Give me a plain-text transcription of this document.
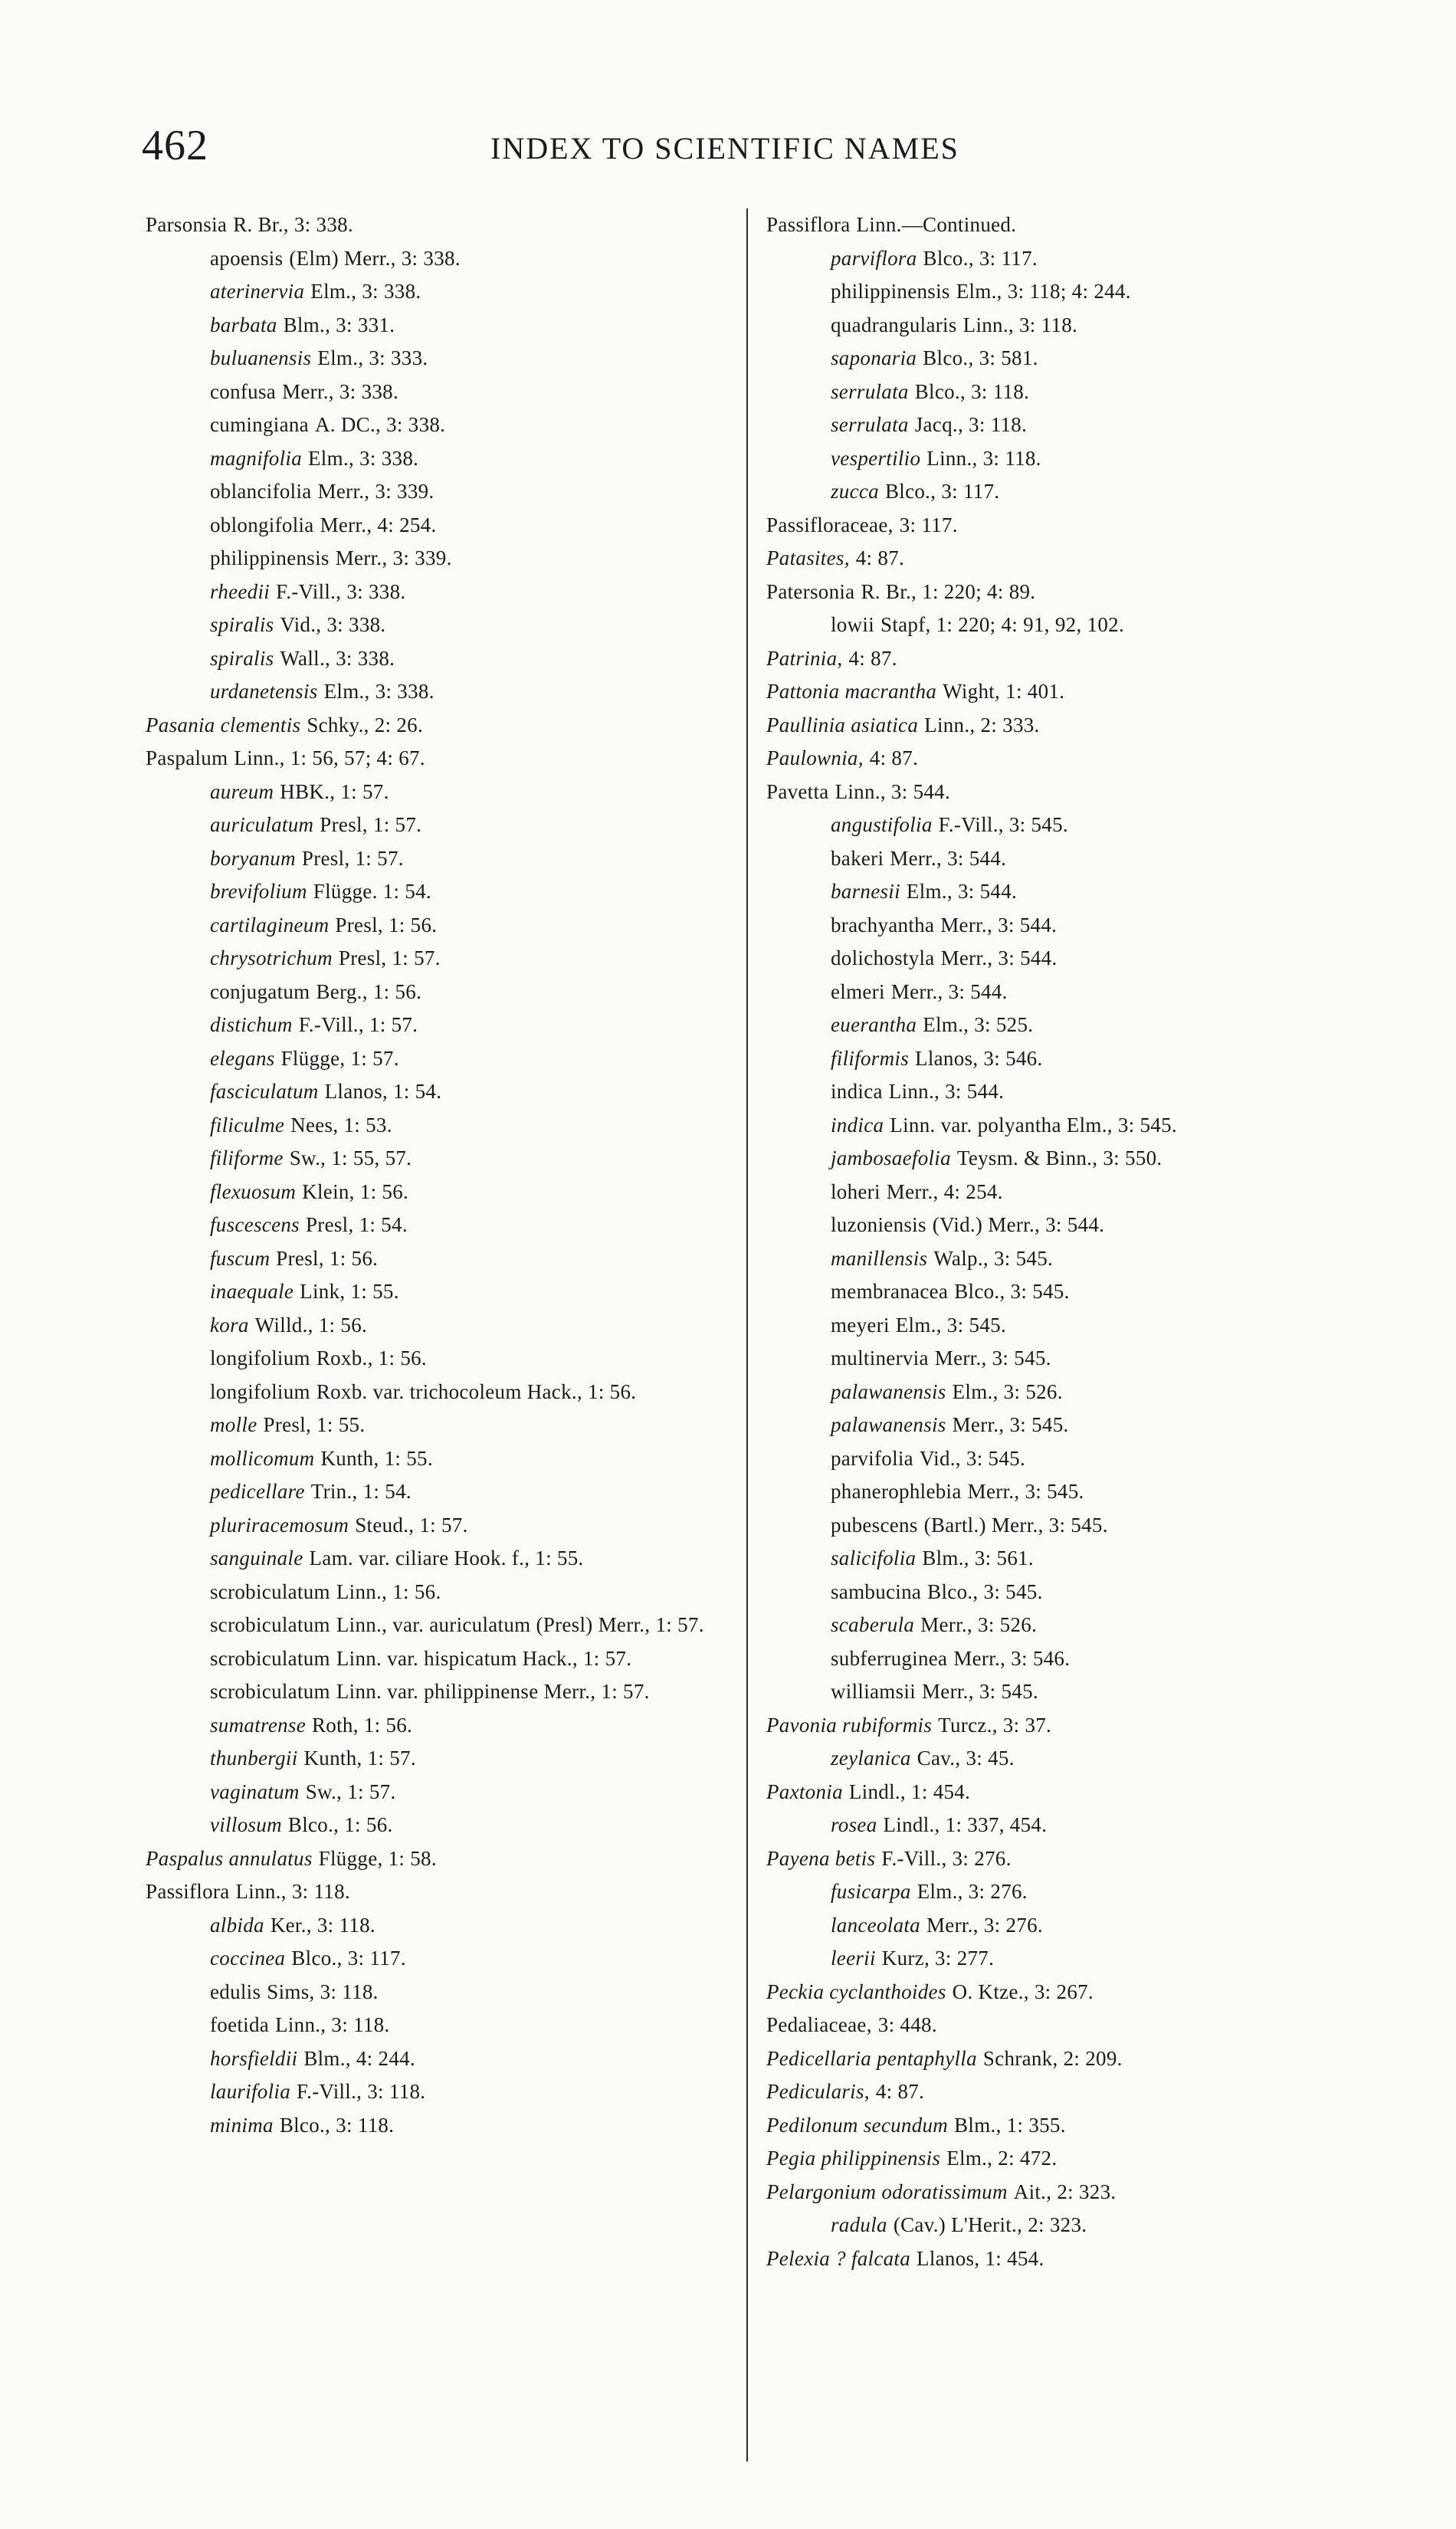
462	INDEX TO SCIENTIFIC NAMES
Parsonsia R. Br., 3: 338.
apoensis (Elm) Merr., 3: 338.
aterinervia Elm., 3: 338.
barbata Blm., 3: 331.
buluanensis Elm., 3: 333.
confusa Merr., 3: 338.
cumingiana A. DC., 3: 338.
magnifolia Elm., 3: 338.
oblancifolia Merr., 3: 339.
oblongifolia Merr., 4: 254.
philippinensis Merr., 3: 339.
rheedii F.-Vill., 3: 338.
spiralis Vid., 3: 338.
spiralis Wall., 3: 338.
urdanetensis Elm., 3: 338.
Pasania clementis Schky., 2: 26.
Paspalum Linn., 1: 56, 57; 4: 67.
aureum HBK., 1: 57.
auriculatum Presl, 1: 57.
boryanum Presl, 1: 57.
brevifolium Flügge. 1: 54.
cartilagineum Presl, 1: 56.
chrysotrichum Presl, 1: 57.
conjugatum Berg., 1: 56.
distichum F.-Vill., 1: 57.
elegans Flügge, 1: 57.
fasciculatum Llanos, 1: 54.
filiculme Nees, 1: 53.
filiforme Sw., 1: 55, 57.
flexuosum Klein, 1: 56.
fuscescens Presl, 1: 54.
fuscum Presl, 1: 56.
inaequale Link, 1: 55.
kora Willd., 1: 56.
longifolium Roxb., 1: 56.
longifolium Roxb. var. trichocoleum Hack., 1: 56.
molle Presl, 1: 55.
mollicomum Kunth, 1: 55.
pedicellare Trin., 1: 54.
pluriracemosum Steud., 1: 57.
sanguinale Lam. var. ciliare Hook. f., 1: 55.
scrobiculatum Linn., 1: 56.
scrobiculatum Linn., var. auriculatum (Presl) Merr., 1: 57.
scrobiculatum Linn. var. hispicatum Hack., 1: 57.
scrobiculatum Linn. var. philippinense Merr., 1: 57.
sumatrense Roth, 1: 56.
thunbergii Kunth, 1: 57.
vaginatum Sw., 1: 57.
villosum Blco., 1: 56.
Paspalus annulatus Flügge, 1: 58.
Passiflora Linn., 3: 118.
albida Ker., 3: 118.
coccinea Blco., 3: 117.
edulis Sims, 3: 118.
foetida Linn., 3: 118.
horsfieldii Blm., 4: 244.
laurifolia F.-Vill., 3: 118.
minima Blco., 3: 118.
Passiflora Linn.—Continued.
parviflora Blco., 3: 117.
philippinensis Elm., 3: 118; 4: 244.
quadrangularis Linn., 3: 118.
saponaria Blco., 3: 581.
serrulata Blco., 3: 118.
serrulata Jacq., 3: 118.
vespertilio Linn., 3: 118.
zucca Blco., 3: 117.
Passifloraceae, 3: 117.
Patasites, 4: 87.
Patersonia R. Br., 1: 220; 4: 89.
lowii Stapf, 1: 220; 4: 91, 92, 102.
Patrinia, 4: 87.
Pattonia macrantha Wight, 1: 401.
Paullinia asiatica Linn., 2: 333.
Paulownia, 4: 87.
Pavetta Linn., 3: 544.
angustifolia F.-Vill., 3: 545.
bakeri Merr., 3: 544.
barnesii Elm., 3: 544.
brachyantha Merr., 3: 544.
dolichostyla Merr., 3: 544.
elmeri Merr., 3: 544.
euerantha Elm., 3: 525.
filiformis Llanos, 3: 546.
indica Linn., 3: 544.
indica Linn. var. polyantha Elm., 3: 545.
jambosaefolia Teysm. & Binn., 3: 550.
loheri Merr., 4: 254.
luzoniensis (Vid.) Merr., 3: 544.
manillensis Walp., 3: 545.
membranacea Blco., 3: 545.
meyeri Elm., 3: 545.
multinervia Merr., 3: 545.
palawanensis Elm., 3: 526.
palawanensis Merr., 3: 545.
parvifolia Vid., 3: 545.
phanerophlebia Merr., 3: 545.
pubescens (Bartl.) Merr., 3: 545.
salicifolia Blm., 3: 561.
sambucina Blco., 3: 545.
scaberula Merr., 3: 526.
subferruginea Merr., 3: 546.
williamsii Merr., 3: 545.
Pavonia rubiformis Turcz., 3: 37.
zeylanica Cav., 3: 45.
Paxtonia Lindl., 1: 454.
rosea Lindl., 1: 337, 454.
Payena betis F.-Vill., 3: 276.
fusicarpa Elm., 3: 276.
lanceolata Merr., 3: 276.
leerii Kurz, 3: 277.
Peckia cyclanthoides O. Ktze., 3: 267.
Pedaliaceae, 3: 448.
Pedicellaria pentaphylla Schrank, 2: 209.
Pedicularis, 4: 87.
Pedilonum secundum Blm., 1: 355.
Pegia philippinensis Elm., 2: 472.
Pelargonium odoratissimum Ait., 2: 323.
radula (Cav.) L'Herit., 2: 323.
Pelexia ? falcata Llanos, 1: 454.
